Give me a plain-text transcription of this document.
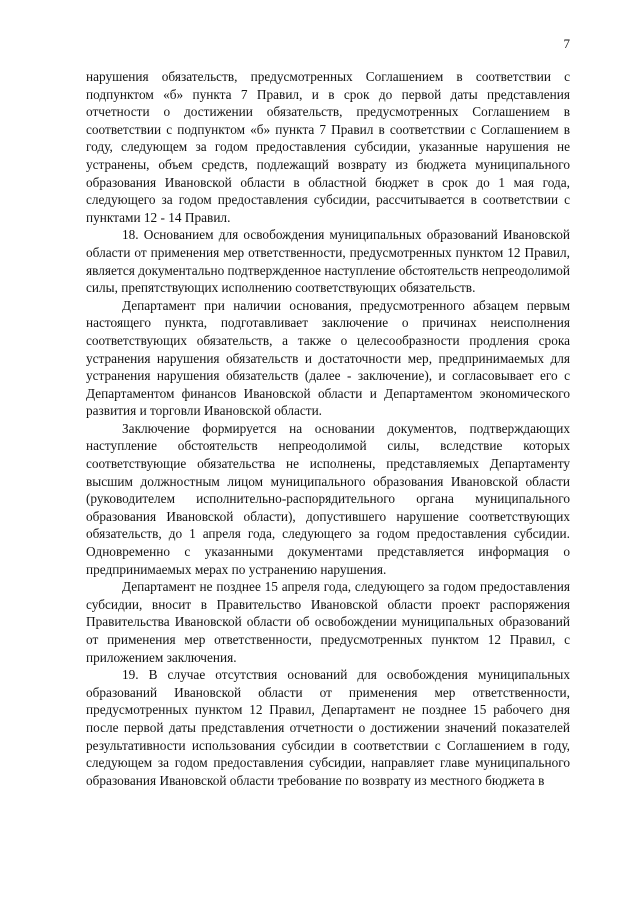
7

нарушения обязательств, предусмотренных Соглашением в соответствии с подпунктом «б» пункта 7 Правил, и в срок до первой даты представления отчетности о достижении обязательств, предусмотренных Соглашением в соответствии с подпунктом «б» пункта 7 Правил в соответствии с Соглашением в году, следующем за годом предоставления субсидии, указанные нарушения не устранены, объем средств, подлежащий возврату из бюджета муниципального образования Ивановской области в областной бюджет в срок до 1 мая года, следующего за годом предоставления субсидии, рассчитывается в соответствии с пунктами 12 - 14 Правил.

18. Основанием для освобождения муниципальных образований Ивановской области от применения мер ответственности, предусмотренных пунктом 12 Правил, является документально подтвержденное наступление обстоятельств непреодолимой силы, препятствующих исполнению соответствующих обязательств.

Департамент при наличии основания, предусмотренного абзацем первым настоящего пункта, подготавливает заключение о причинах неисполнения соответствующих обязательств, а также о целесообразности продления срока устранения нарушения обязательств и достаточности мер, предпринимаемых для устранения нарушения обязательств (далее - заключение), и согласовывает его с Департаментом финансов Ивановской области и Департаментом экономического развития и торговли Ивановской области.

Заключение формируется на основании документов, подтверждающих наступление обстоятельств непреодолимой силы, вследствие которых соответствующие обязательства не исполнены, представляемых Департаменту высшим должностным лицом муниципального образования Ивановской области (руководителем исполнительно-распорядительного органа муниципального образования Ивановской области), допустившего нарушение соответствующих обязательств, до 1 апреля года, следующего за годом предоставления субсидии. Одновременно с указанными документами представляется информация о предпринимаемых мерах по устранению нарушения.

Департамент не позднее 15 апреля года, следующего за годом предоставления субсидии, вносит в Правительство Ивановской области проект распоряжения Правительства Ивановской области об освобождении муниципальных образований от применения мер ответственности, предусмотренных пунктом 12 Правил, с приложением заключения.

19. В случае отсутствия оснований для освобождения муниципальных образований Ивановской области от применения мер ответственности, предусмотренных пунктом 12 Правил, Департамент не позднее 15 рабочего дня после первой даты представления отчетности о достижении значений показателей результативности использования субсидии в соответствии с Соглашением в году, следующем за годом предоставления субсидии, направляет главе муниципального образования Ивановской области требование по возврату из местного бюджета в
